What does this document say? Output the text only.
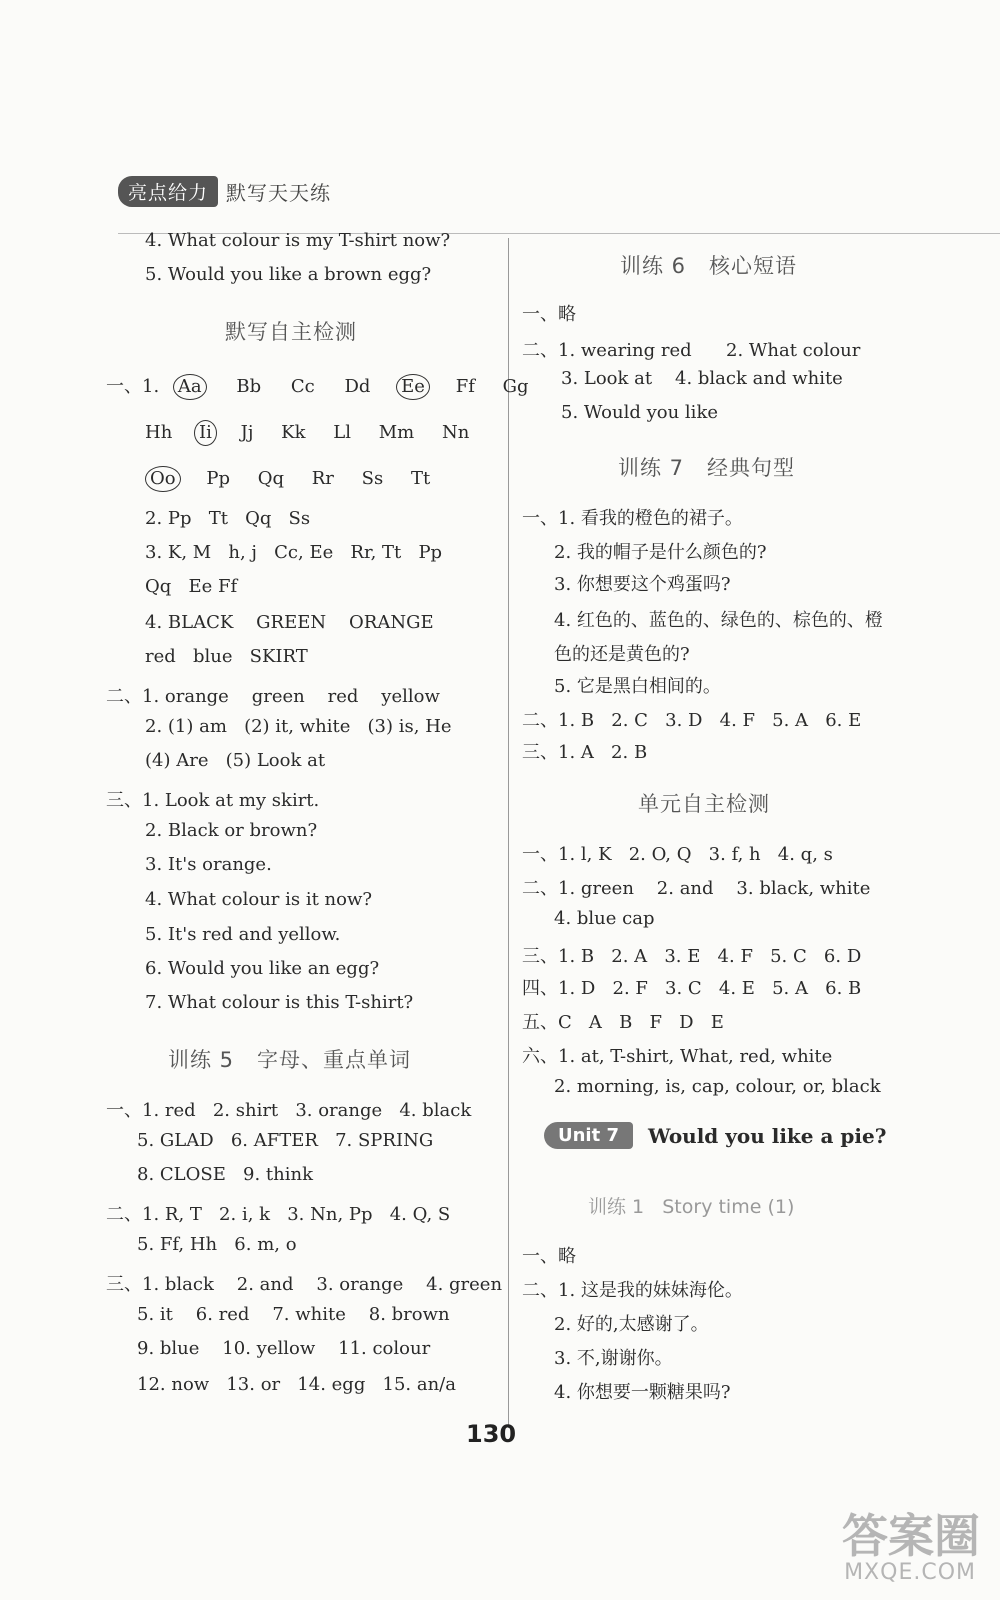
亮点给力 默写天天练
4. What colour is my T-shirt now?
5. Would you like a brown egg?
默写自主检测
一、1. Aa Bb Cc Dd Ee Ff Gg
Hh Ii Jj Kk Ll Mm Nn
Oo Pp Qq Rr Ss Tt
2. Pp   Tt   Qq   Ss
3. K, M   h, j   Cc, Ee   Rr, Tt   Pp
Qq   Ee Ff
4. BLACK    GREEN    ORANGE
red   blue   SKIRT
二、1. orange    green    red    yellow
2. (1) am   (2) it, white   (3) is, He
(4) Are   (5) Look at
三、1. Look at my skirt.
2. Black or brown?
3. It's orange.
4. What colour is it now?
5. It's red and yellow.
6. Would you like an egg?
7. What colour is this T-shirt?
训练 5   字母、重点单词
一、1. red   2. shirt   3. orange   4. black
5. GLAD   6. AFTER   7. SPRING
8. CLOSE   9. think
二、1. R, T   2. i, k   3. Nn, Pp   4. Q, S
5. Ff, Hh   6. m, o
三、1. black    2. and    3. orange    4. green
5. it    6. red    7. white    8. brown
9. blue    10. yellow    11. colour
12. now   13. or   14. egg   15. an/a
训练 6   核心短语
一、略
二、1. wearing red      2. What colour
3. Look at    4. black and white
5. Would you like
训练 7   经典句型
一、1. 看我的橙色的裙子。
2. 我的帽子是什么颜色的?
3. 你想要这个鸡蛋吗?
4. 红色的、蓝色的、绿色的、棕色的、橙
色的还是黄色的?
5. 它是黑白相间的。
二、1. B   2. C   3. D   4. F   5. A   6. E
三、1. A   2. B
单元自主检测
一、1. l, K   2. O, Q   3. f, h   4. q, s
二、1. green    2. and    3. black, white
4. blue cap
三、1. B   2. A   3. E   4. F   5. C   6. D
四、1. D   2. F   3. C   4. E   5. A   6. B
五、C   A   B   F   D   E
六、1. at, T-shirt, What, red, white
2. morning, is, cap, colour, or, black
Unit 7	Would you like a pie?
训练 1   Story time (1)
一、略
二、1. 这是我的妹妹海伦。
2. 好的,太感谢了。
3. 不,谢谢你。
4. 你想要一颗糖果吗?
130
答案圈
MXQE.COM
